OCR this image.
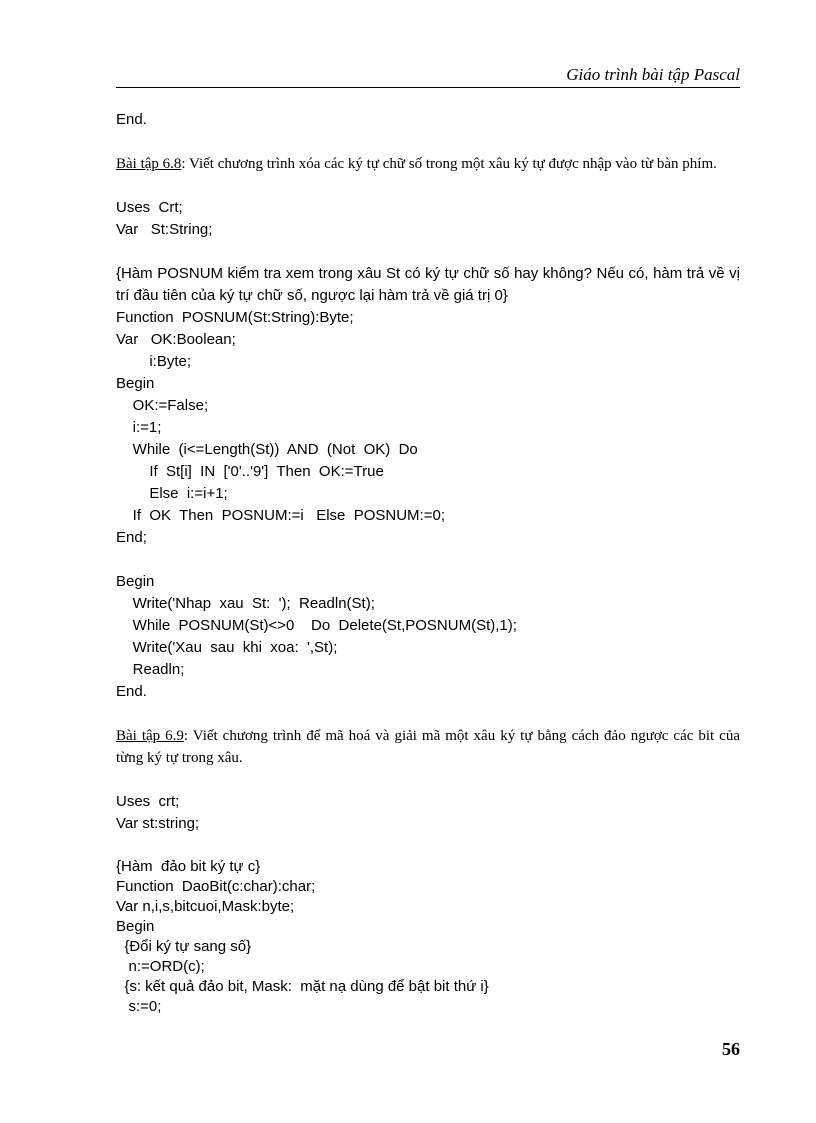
Giáo trình bài tập Pascal
End.
Bài tập 6.8: Viết chương trình xóa các ký tự chữ số trong một xâu ký tự được nhập vào từ bàn phím.
Uses  Crt;
Var   St:String;
{Hàm POSNUM kiểm tra xem trong xâu St có ký tự chữ số hay không? Nếu có, hàm trả về vị trí đầu tiên của ký tự chữ số, ngược lại hàm trả về giá trị 0}
Function  POSNUM(St:String):Byte;
Var   OK:Boolean;
i:Byte;
Begin
OK:=False;
i:=1;
While  (i<=Length(St))  AND  (Not  OK)  Do
If  St[i]  IN  ['0'..'9']  Then  OK:=True
Else  i:=i+1;
If  OK  Then  POSNUM:=i   Else  POSNUM:=0;
End;
Begin
Write('Nhap  xau  St:  ');  Readln(St);
While  POSNUM(St)<>0    Do  Delete(St,POSNUM(St),1);
Write('Xau  sau  khi  xoa:  ',St);
Readln;
End.
Bài tập 6.9: Viết chương trình để mã hoá và giải mã một xâu ký tự bằng cách đảo ngược các bit của từng ký tự trong xâu.
Uses  crt;
Var st:string;
{Hàm  đảo bit ký tự c}
Function  DaoBit(c:char):char;
Var n,i,s,bitcuoi,Mask:byte;
Begin
{Đổi ký tự sang số}
n:=ORD(c);
{s: kết quả đảo bit, Mask:  mặt nạ dùng để bật bit thứ i}
s:=0;
56
